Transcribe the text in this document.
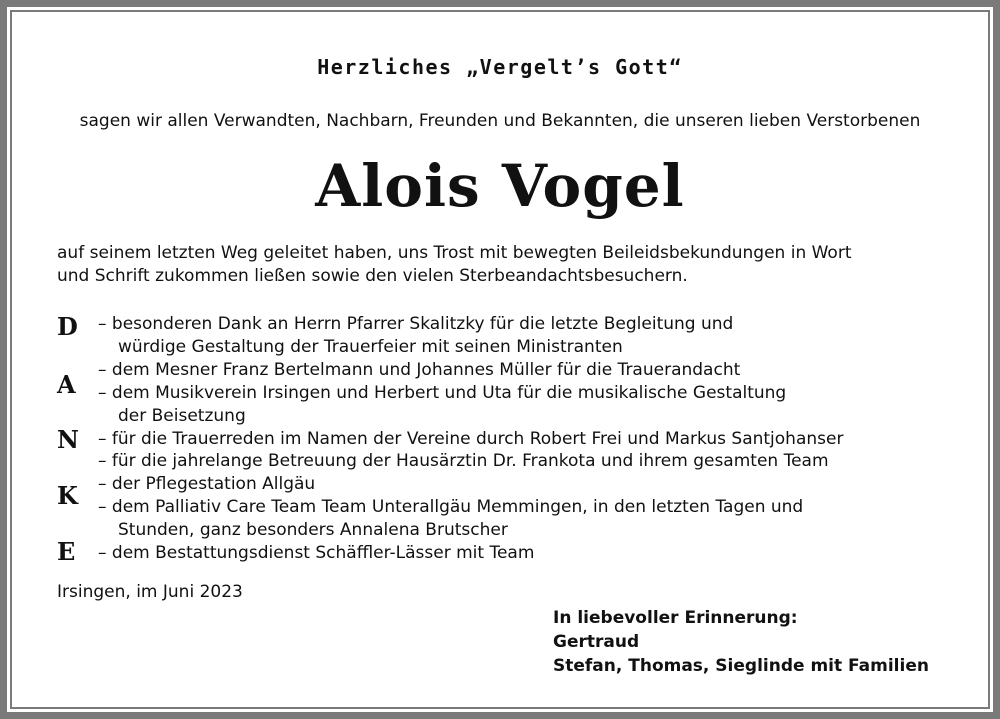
Herzliches „Vergelt’s Gott“
sagen wir allen Verwandten, Nachbarn, Freunden und Bekannten, die unseren lieben Verstorbenen
Alois Vogel
auf seinem letzten Weg geleitet haben, uns Trost mit bewegten Beileidsbekundungen in Wort
und Schrift zukommen ließen sowie den vielen Sterbeandachtsbesuchern.
D
A
N
K
E
– besonderen Dank an Herrn Pfarrer Skalitzky für die letzte Begleitung und
würdige Gestaltung der Trauerfeier mit seinen Ministranten
– dem Mesner Franz Bertelmann und Johannes Müller für die Trauerandacht
– dem Musikverein Irsingen und Herbert und Uta für die musikalische Gestaltung
der Beisetzung
– für die Trauerreden im Namen der Vereine durch Robert Frei und Markus Santjohanser
– für die jahrelange Betreuung der Hausärztin Dr. Frankota und ihrem gesamten Team
– der Pflegestation Allgäu
– dem Palliativ Care Team Team Unterallgäu Memmingen, in den letzten Tagen und
Stunden, ganz besonders Annalena Brutscher
– dem Bestattungsdienst Schäffler-Lässer mit Team
Irsingen, im Juni 2023
In liebevoller Erinnerung:
Gertraud
Stefan, Thomas, Sieglinde mit Familien
